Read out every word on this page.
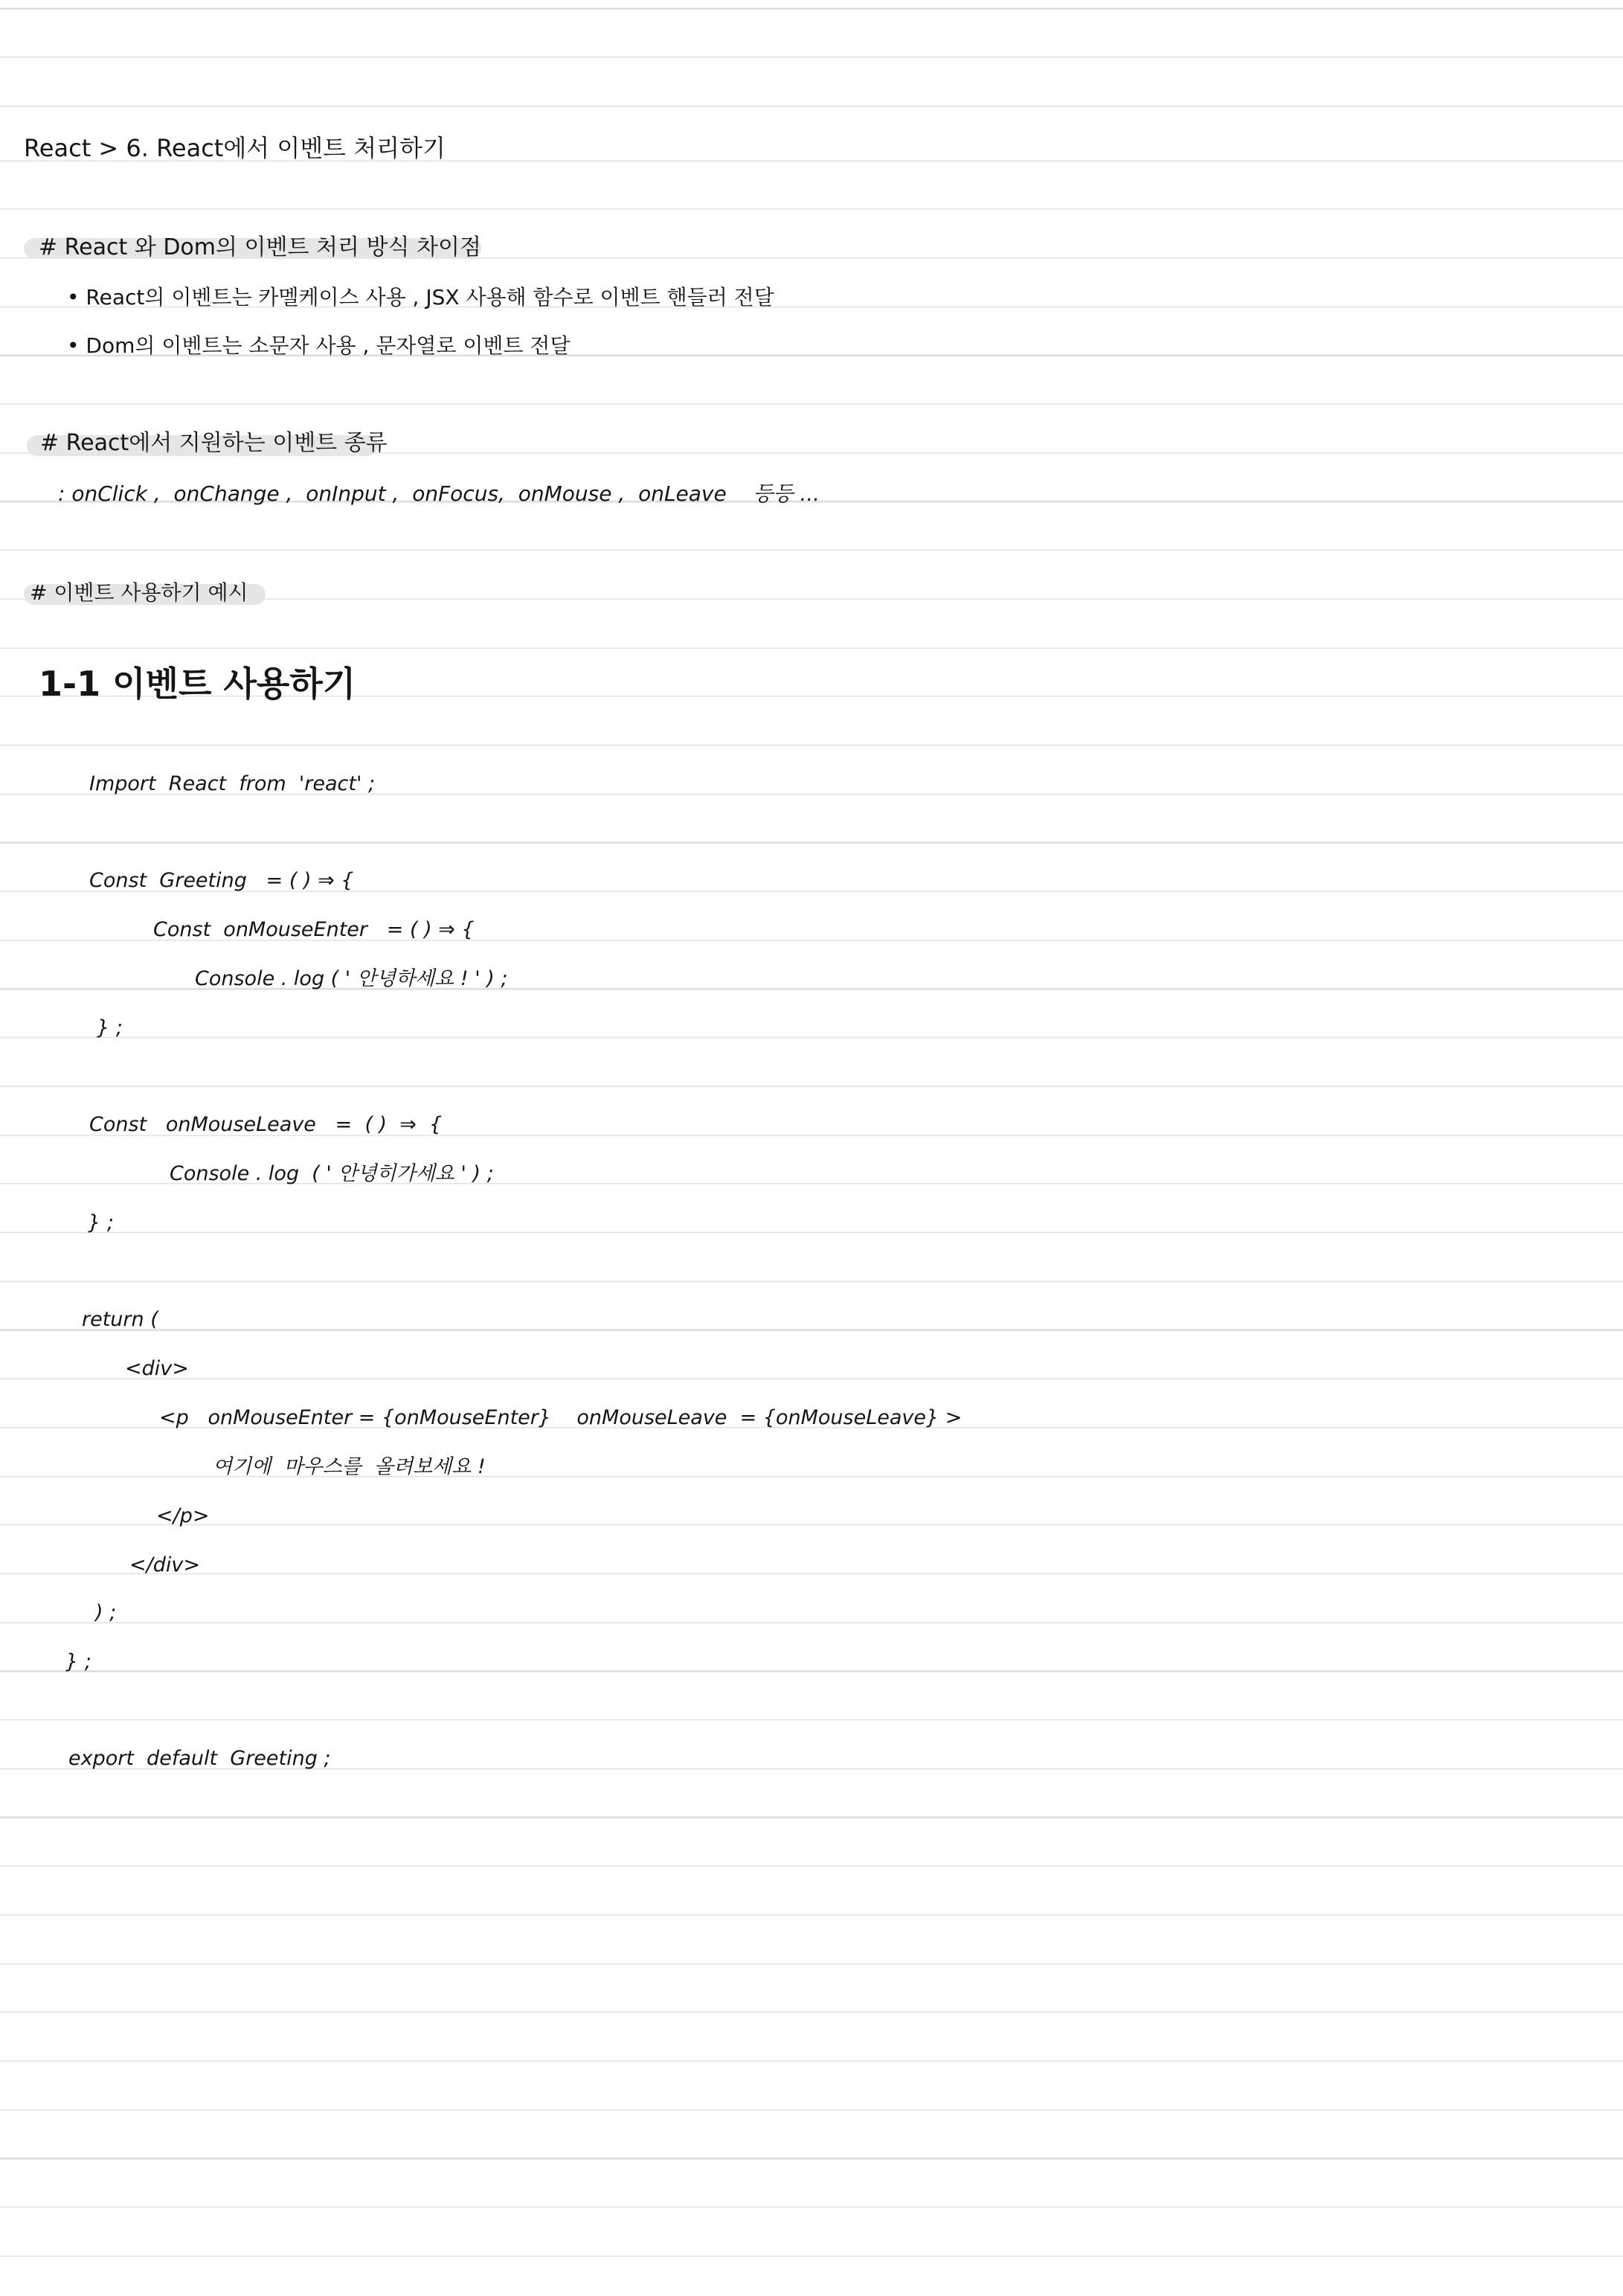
React > 6. React에서 이벤트 처리하기
# React 와 Dom의 이벤트 처리 방식 차이점
• React의 이벤트는 카멜케이스 사용 , JSX 사용해 함수로 이벤트 핸들러 전달
• Dom의 이벤트는 소문자 사용 , 문자열로 이벤트 전달
# React에서 지원하는 이벤트 종류
: onClick ,  onChange ,  onInput ,  onFocus,  onMouse ,  onLeave    등등 ...
# 이벤트 사용하기 예시
1-1 이벤트 사용하기
Import  React  from  'react' ;
Const  Greeting   = ( ) ⇒ {
Const  onMouseEnter   = ( ) ⇒ {
Console . log ( ' 안녕하세요 ! ' ) ;
} ;
Const   onMouseLeave   =  ( )  ⇒  {
Console . log  ( ' 안녕히가세요 ' ) ;
} ;
return (
<div>
<p   onMouseEnter = {onMouseEnter}    onMouseLeave  = {onMouseLeave} >
여기에  마우스를  올려보세요 !
</p>
</div>
) ;
} ;
export  default  Greeting ;
